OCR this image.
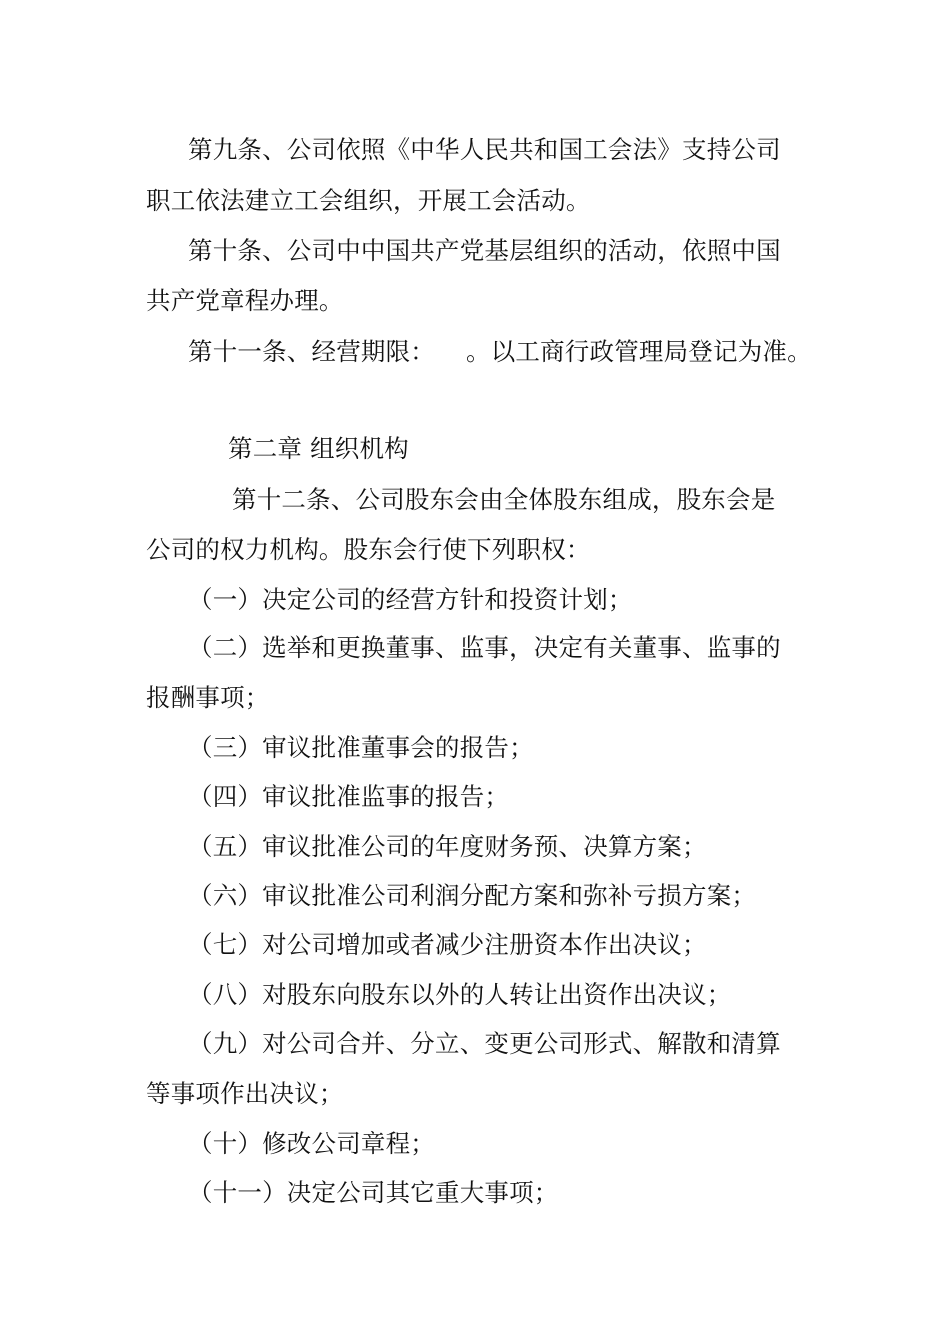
第九条、公司依照《中华人民共和国工会法》支持公司
职工依法建立工会组织，开展工会活动。
第十条、公司中中国共产党基层组织的活动，依照中国
共产党章程办理。
第十一条、经营期限： 。以工商行政管理局登记为准。
第二章 组织机构
第十二条、公司股东会由全体股东组成，股东会是
公司的权力机构。股东会行使下列职权：
（一）决定公司的经营方针和投资计划；
（二）选举和更换董事、监事，决定有关董事、监事的
报酬事项；
（三）审议批准董事会的报告；
（四）审议批准监事的报告；
（五）审议批准公司的年度财务预、决算方案；
（六）审议批准公司利润分配方案和弥补亏损方案；
（七）对公司增加或者减少注册资本作出决议；
（八）对股东向股东以外的人转让出资作出决议；
（九）对公司合并、分立、变更公司形式、解散和清算
等事项作出决议；
（十）修改公司章程；
（十一）决定公司其它重大事项；
